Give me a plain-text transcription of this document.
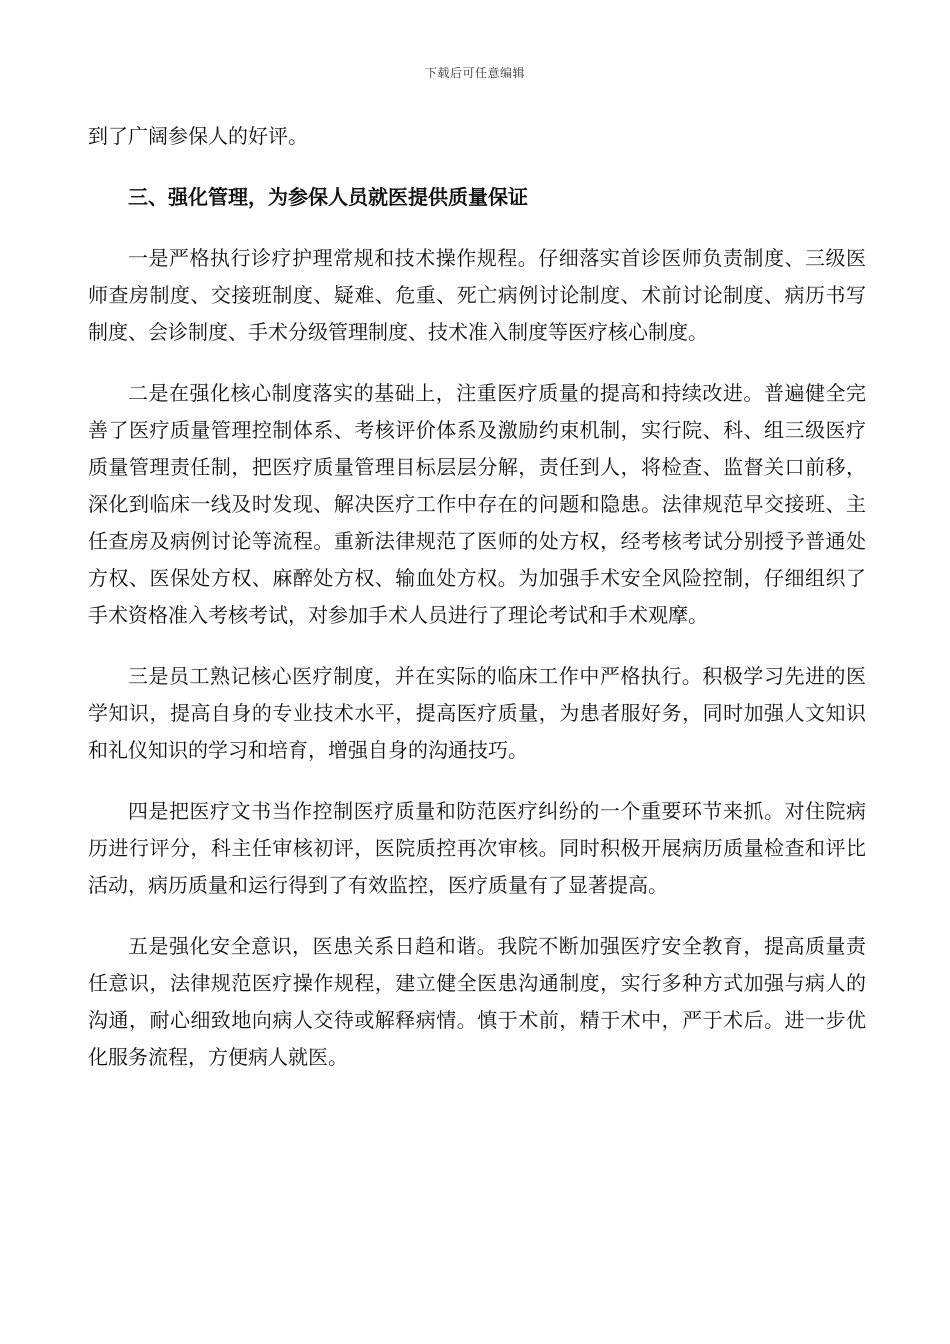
下载后可任意编辑

到了广阔参保人的好评。

三、强化管理，为参保人员就医提供质量保证

一是严格执行诊疗护理常规和技术操作规程。仔细落实首诊医师负责制度、三级医师查房制度、交接班制度、疑难、危重、死亡病例讨论制度、术前讨论制度、病历书写制度、会诊制度、手术分级管理制度、技术准入制度等医疗核心制度。

二是在强化核心制度落实的基础上，注重医疗质量的提高和持续改进。普遍健全完善了医疗质量管理控制体系、考核评价体系及激励约束机制，实行院、科、组三级医疗质量管理责任制，把医疗质量管理目标层层分解，责任到人，将检查、监督关口前移，深化到临床一线及时发现、解决医疗工作中存在的问题和隐患。法律规范早交接班、主任查房及病例讨论等流程。重新法律规范了医师的处方权，经考核考试分别授予普通处方权、医保处方权、麻醉处方权、输血处方权。为加强手术安全风险控制，仔细组织了手术资格准入考核考试，对参加手术人员进行了理论考试和手术观摩。

三是员工熟记核心医疗制度，并在实际的临床工作中严格执行。积极学习先进的医学知识，提高自身的专业技术水平，提高医疗质量，为患者服好务，同时加强人文知识和礼仪知识的学习和培育，增强自身的沟通技巧。

四是把医疗文书当作控制医疗质量和防范医疗纠纷的一个重要环节来抓。对住院病历进行评分，科主任审核初评，医院质控再次审核。同时积极开展病历质量检查和评比活动，病历质量和运行得到了有效监控，医疗质量有了显著提高。

五是强化安全意识，医患关系日趋和谐。我院不断加强医疗安全教育，提高质量责任意识，法律规范医疗操作规程，建立健全医患沟通制度，实行多种方式加强与病人的沟通，耐心细致地向病人交待或解释病情。慎于术前，精于术中，严于术后。进一步优化服务流程，方便病人就医。
